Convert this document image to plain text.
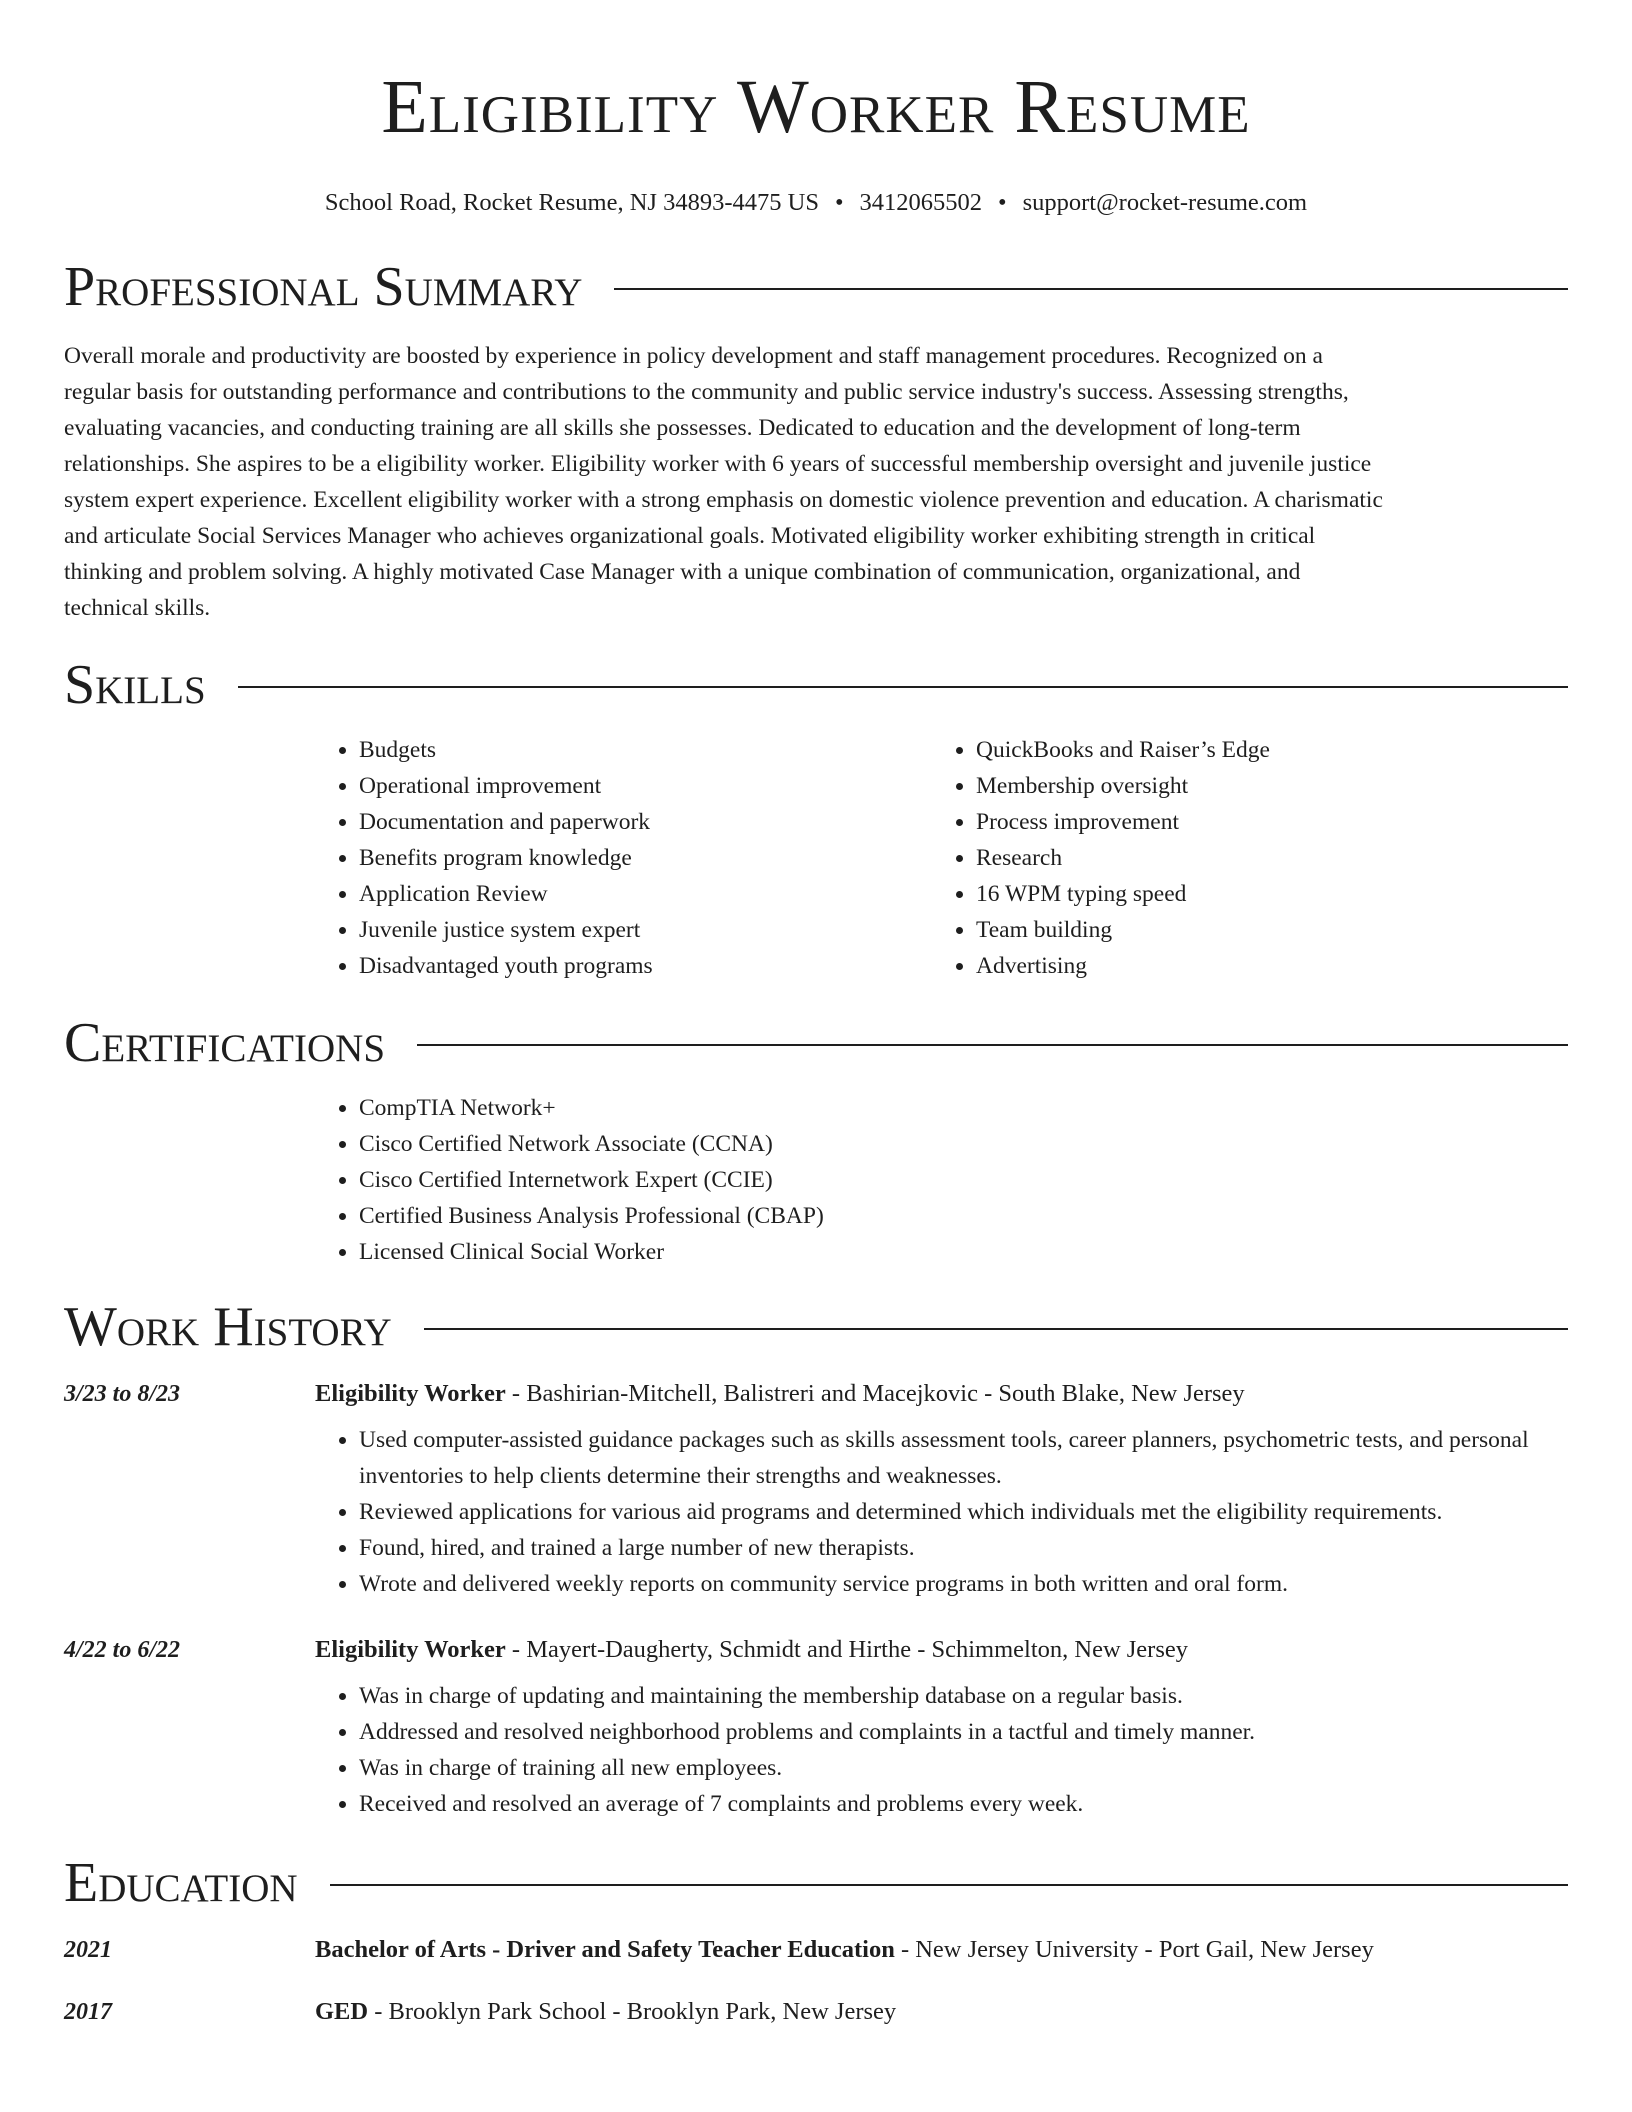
Eligibility Worker Resume
School Road, Rocket Resume, NJ 34893-4475 US • 3412065502 • support@rocket-resume.com
Professional Summary

Overall morale and productivity are boosted by experience in policy development and staff management procedures. Recognized on a regular basis for outstanding performance and contributions to the community and public service industry's success. Assessing strengths, evaluating vacancies, and conducting training are all skills she possesses. Dedicated to education and the development of long-term relationships. She aspires to be a eligibility worker. Eligibility worker with 6 years of successful membership oversight and juvenile justice system expert experience. Excellent eligibility worker with a strong emphasis on domestic violence prevention and education. A charismatic and articulate Social Services Manager who achieves organizational goals. Motivated eligibility worker exhibiting strength in critical thinking and problem solving. A highly motivated Case Manager with a unique combination of communication, organizational, and technical skills.

Skills
• Budgets
• Operational improvement
• Documentation and paperwork
• Benefits program knowledge
• Application Review
• Juvenile justice system expert
• Disadvantaged youth programs
• QuickBooks and Raiser’s Edge
• Membership oversight
• Process improvement
• Research
• 16 WPM typing speed
• Team building
• Advertising
Certifications
• CompTIA Network+
• Cisco Certified Network Associate (CCNA)
• Cisco Certified Internetwork Expert (CCIE)
• Certified Business Analysis Professional (CBAP)
• Licensed Clinical Social Worker
Work History
3/23 to 8/23	Eligibility Worker - Bashirian-Mitchell, Balistreri and Macejkovic - South Blake, New Jersey
• Used computer-assisted guidance packages such as skills assessment tools, career planners, psychometric tests, and personal inventories to help clients determine their strengths and weaknesses.
• Reviewed applications for various aid programs and determined which individuals met the eligibility requirements.
• Found, hired, and trained a large number of new therapists.
• Wrote and delivered weekly reports on community service programs in both written and oral form.
4/22 to 6/22	Eligibility Worker - Mayert-Daugherty, Schmidt and Hirthe - Schimmelton, New Jersey
• Was in charge of updating and maintaining the membership database on a regular basis.
• Addressed and resolved neighborhood problems and complaints in a tactful and timely manner.
• Was in charge of training all new employees.
• Received and resolved an average of 7 complaints and problems every week.
Education
2021	Bachelor of Arts - Driver and Safety Teacher Education - New Jersey University - Port Gail, New Jersey
2017	GED - Brooklyn Park School - Brooklyn Park, New Jersey
